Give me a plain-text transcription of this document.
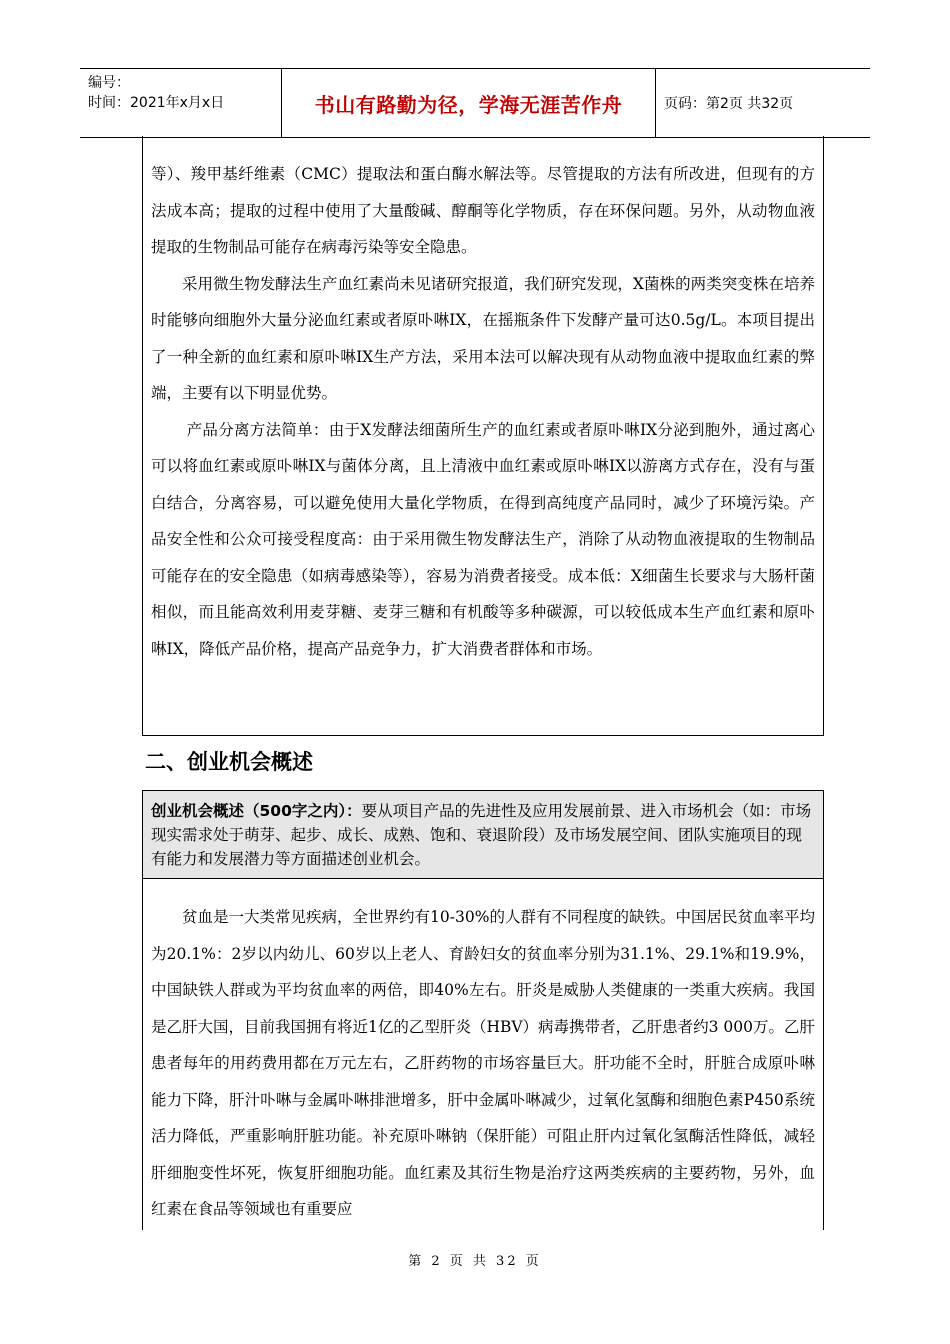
编号：
时间：2021年x月x日	书山有路勤为径，学海无涯苦作舟	页码：第2页 共32页

等）、羧甲基纤维素（CMC）提取法和蛋白酶水解法等。尽管提取的方法有所改进，但现有的方法成本高；提取的过程中使用了大量酸碱、醇酮等化学物质，存在环保问题。另外，从动物血液提取的生物制品可能存在病毒污染等安全隐患。

采用微生物发酵法生产血红素尚未见诸研究报道，我们研究发现，X菌株的两类突变株在培养时能够向细胞外大量分泌血红素或者原卟啉IX，在摇瓶条件下发酵产量可达0.5g/L。本项目提出了一种全新的血红素和原卟啉IX生产方法，采用本法可以解决现有从动物血液中提取血红素的弊端，主要有以下明显优势。

产品分离方法简单：由于X发酵法细菌所生产的血红素或者原卟啉IX分泌到胞外，通过离心可以将血红素或原卟啉IX与菌体分离，且上清液中血红素或原卟啉IX以游离方式存在，没有与蛋白结合，分离容易，可以避免使用大量化学物质，在得到高纯度产品同时，减少了环境污染。产品安全性和公众可接受程度高：由于采用微生物发酵法生产，消除了从动物血液提取的生物制品可能存在的安全隐患（如病毒感染等），容易为消费者接受。成本低：X细菌生长要求与大肠杆菌相似，而且能高效利用麦芽糖、麦芽三糖和有机酸等多种碳源，可以较低成本生产血红素和原卟啉IX，降低产品价格，提高产品竞争力，扩大消费者群体和市场。

二、创业机会概述
创业机会概述（500字之内）：要从项目产品的先进性及应用发展前景、进入市场机会（如：市场现实需求处于萌芽、起步、成长、成熟、饱和、衰退阶段）及市场发展空间、团队实施项目的现有能力和发展潜力等方面描述创业机会。

贫血是一大类常见疾病，全世界约有10-30%的人群有不同程度的缺铁。中国居民贫血率平均为20.1%：2岁以内幼儿、60岁以上老人、育龄妇女的贫血率分别为31.1%、29.1%和19.9%，中国缺铁人群或为平均贫血率的两倍，即40%左右。肝炎是威胁人类健康的一类重大疾病。我国是乙肝大国，目前我国拥有将近1亿的乙型肝炎（HBV）病毒携带者，乙肝患者约3 000万。乙肝患者每年的用药费用都在万元左右，乙肝药物的市场容量巨大。肝功能不全时，肝脏合成原卟啉能力下降，肝汁卟啉与金属卟啉排泄增多，肝中金属卟啉减少，过氧化氢酶和细胞色素P450系统活力降低，严重影响肝脏功能。补充原卟啉钠（保肝能）可阻止肝内过氧化氢酶活性降低，减轻肝细胞变性坏死，恢复肝细胞功能。血红素及其衍生物是治疗这两类疾病的主要药物，另外，血红素在食品等领域也有重要应

第 2 页 共 32 页
